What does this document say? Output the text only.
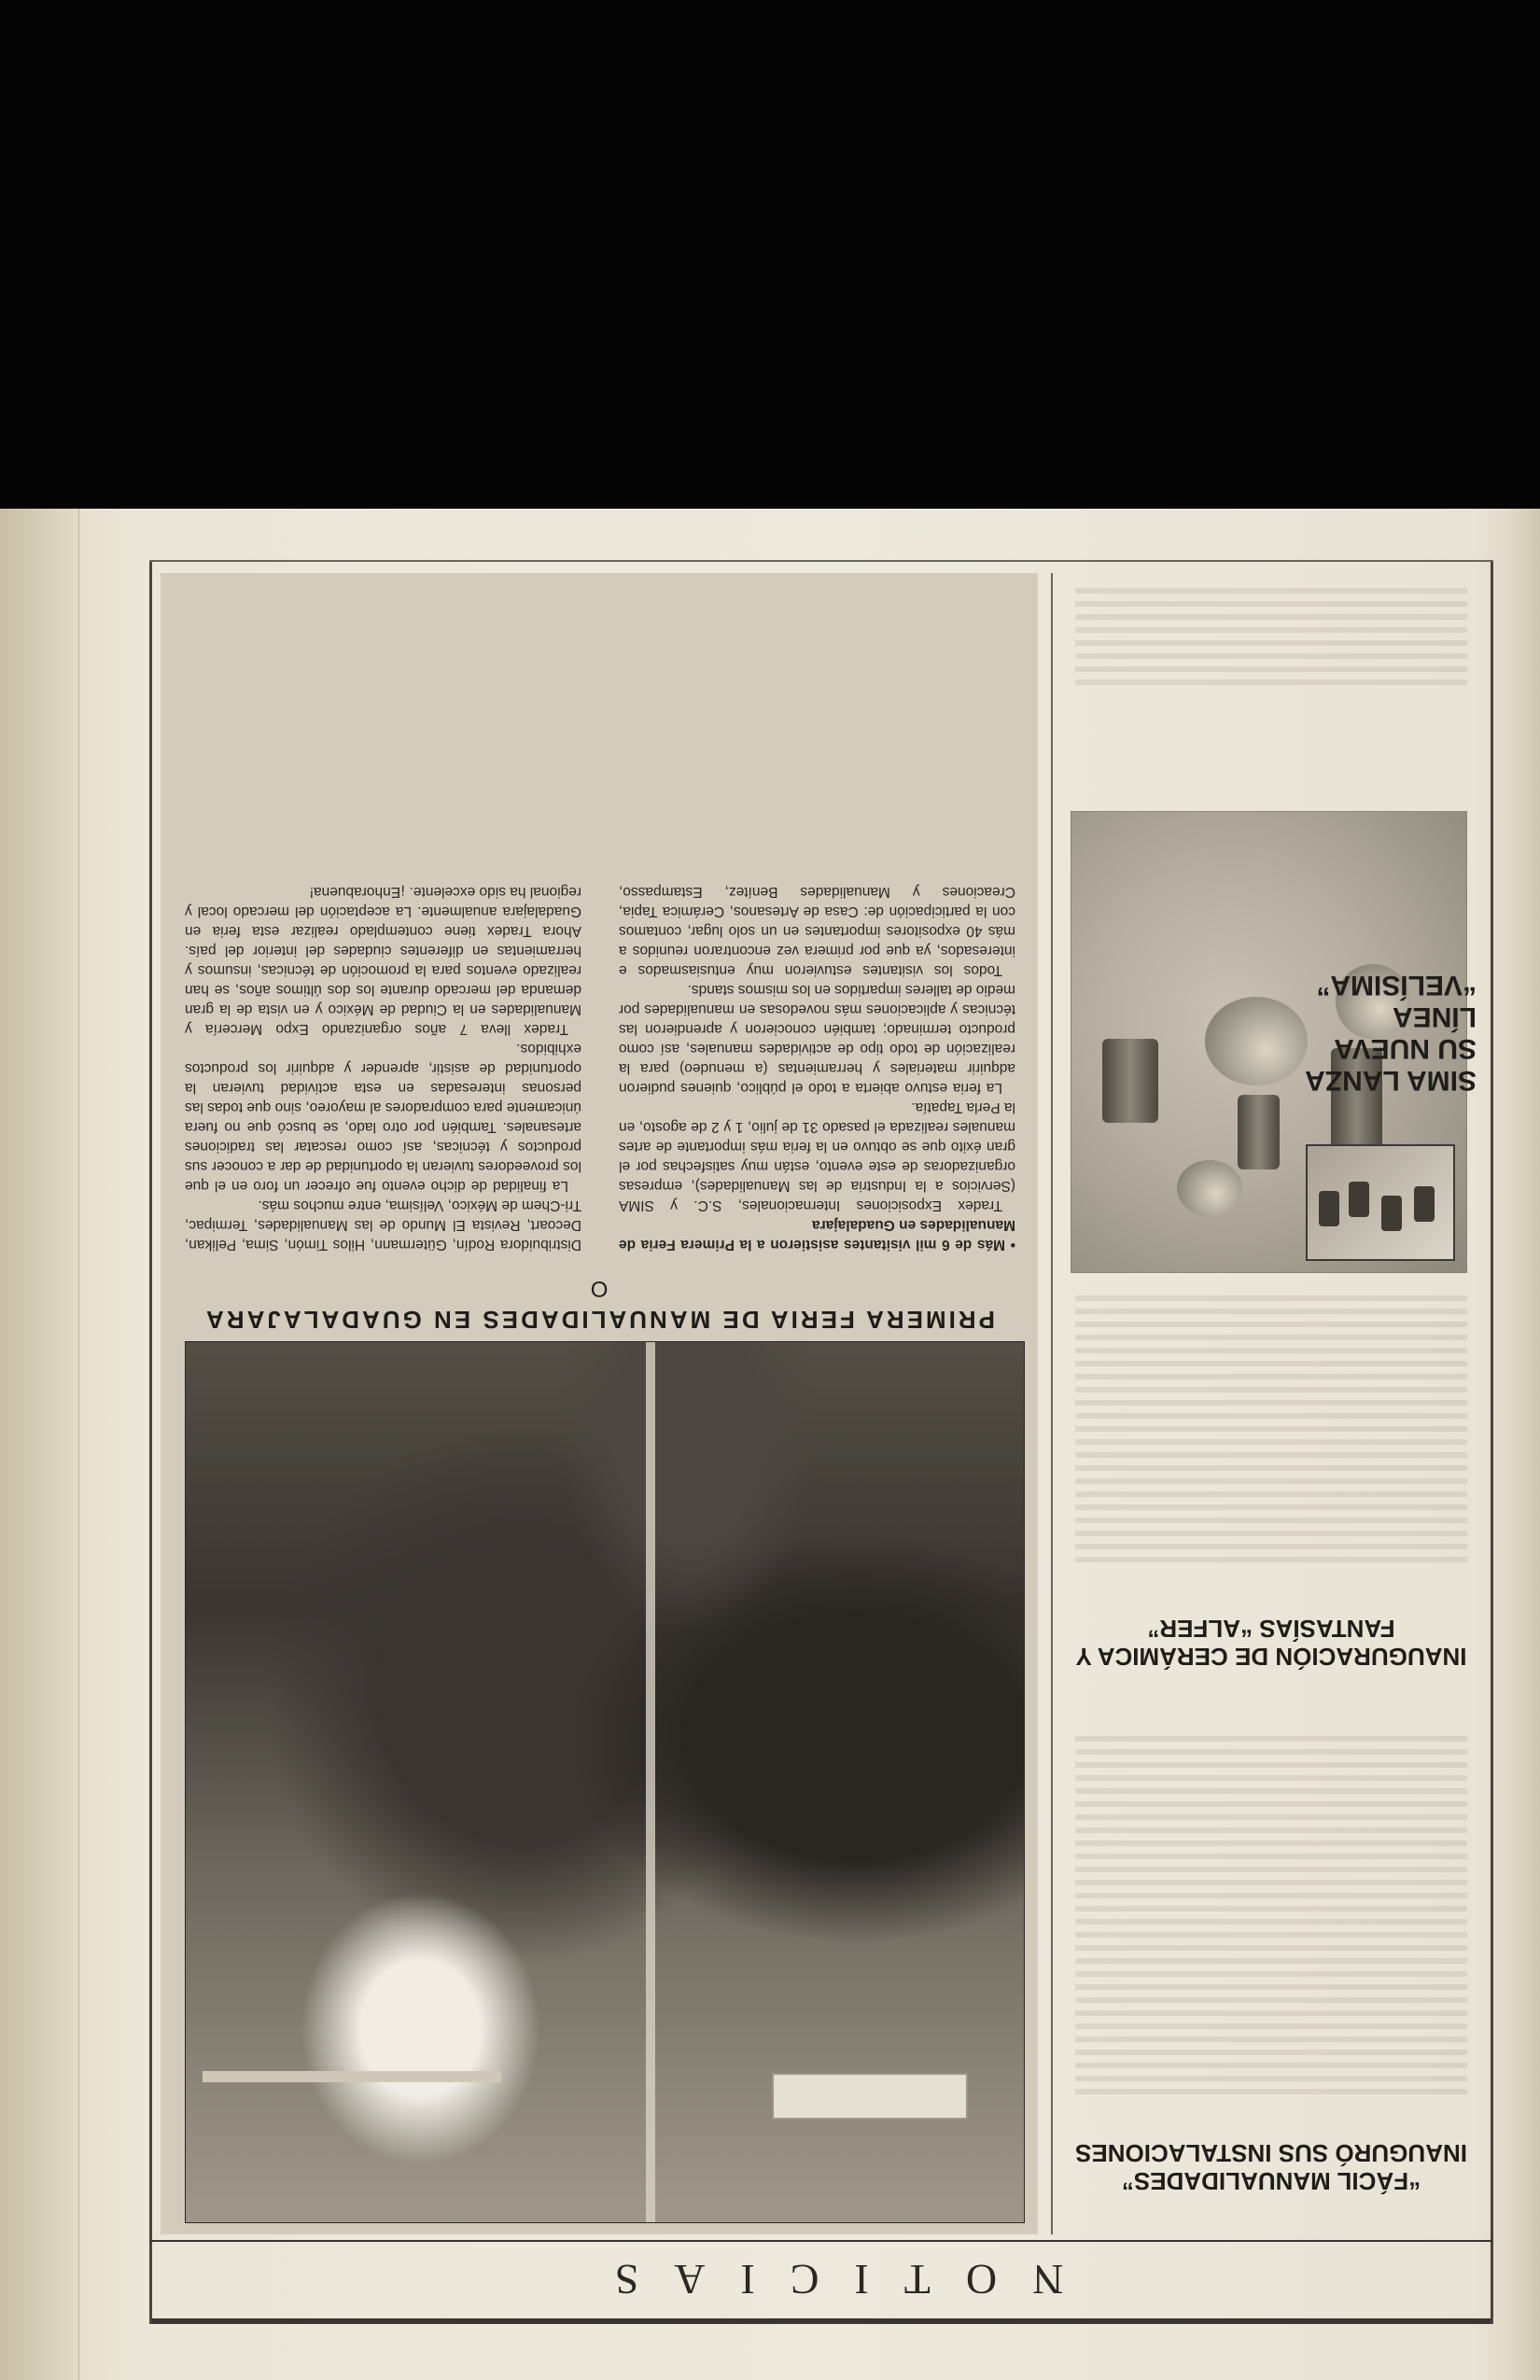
NOTICIAS
“FÁCIL MANUALIDADES” INAUGURÓ SUS INSTALACIONES
INAUGURACIÓN DE CERÁMICA Y FANTASÍAS “ALFER”
SIMA LANZA SU NUEVA LÍNEA “VELÍSIMA”
PRIMERA FERIA DE MANUALIDADES EN GUADALAJARA
O

• Más de 6 mil visitantes asistieron a la Primera Feria de Manualidades en Guadalajara

Tradex Exposiciones Internacionales, S.C. y SIMA (Servicios a la Industria de las Manualidades), empresas organizadoras de este evento, están muy satisfechas por el gran éxito que se obtuvo en la feria más importante de artes manuales realizada el pasado 31 de julio, 1 y 2 de agosto, en la Perla Tapatía.

La feria estuvo abierta a todo el público, quienes pudieron adquirir materiales y herramientas (a menudeo) para la realización de todo tipo de actividades manuales, así como producto terminado; también conocieron y aprendieron las técnicas y aplicaciones más novedosas en manualidades por medio de talleres impartidos en los mismos stands.

Todos los visitantes estuvieron muy entusiasmados e interesados, ya que por primera vez encontraron reunidos a más 40 expositores importantes en un solo lugar, contamos con la participación de: Casa de Artesanos, Cerámica Tapia, Creaciones y Manualidades Benítez, Estampasso, Distribuidora Rodín, Gütermann, Hilos Timón, Sima, Pelikan, Decoart, Revista El Mundo de las Manualidades, Termipac, Tri-Chem de México, Velísima, entre muchos más.

La finalidad de dicho evento fue ofrecer un foro en el que los proveedores tuvieran la oportunidad de dar a conocer sus productos y técnicas, así como rescatar las tradiciones artesanales. También por otro lado, se buscó que no fuera únicamente para compradores al mayoreo, sino que todas las personas interesadas en esta actividad tuvieran la oportunidad de asistir, aprender y adquirir los productos exhibidos.

Tradex lleva 7 años organizando Expo Mercería y Manualidades en la Ciudad de México y en vista de la gran demanda del mercado durante los dos últimos años, se han realizado eventos para la promoción de técnicas, insumos y herramientas en diferentes ciudades del interior del país. Ahora Tradex tiene contemplado realizar esta feria en Guadalajara anualmente. La aceptación del mercado local y regional ha sido excelente. ¡Enhorabuena!
